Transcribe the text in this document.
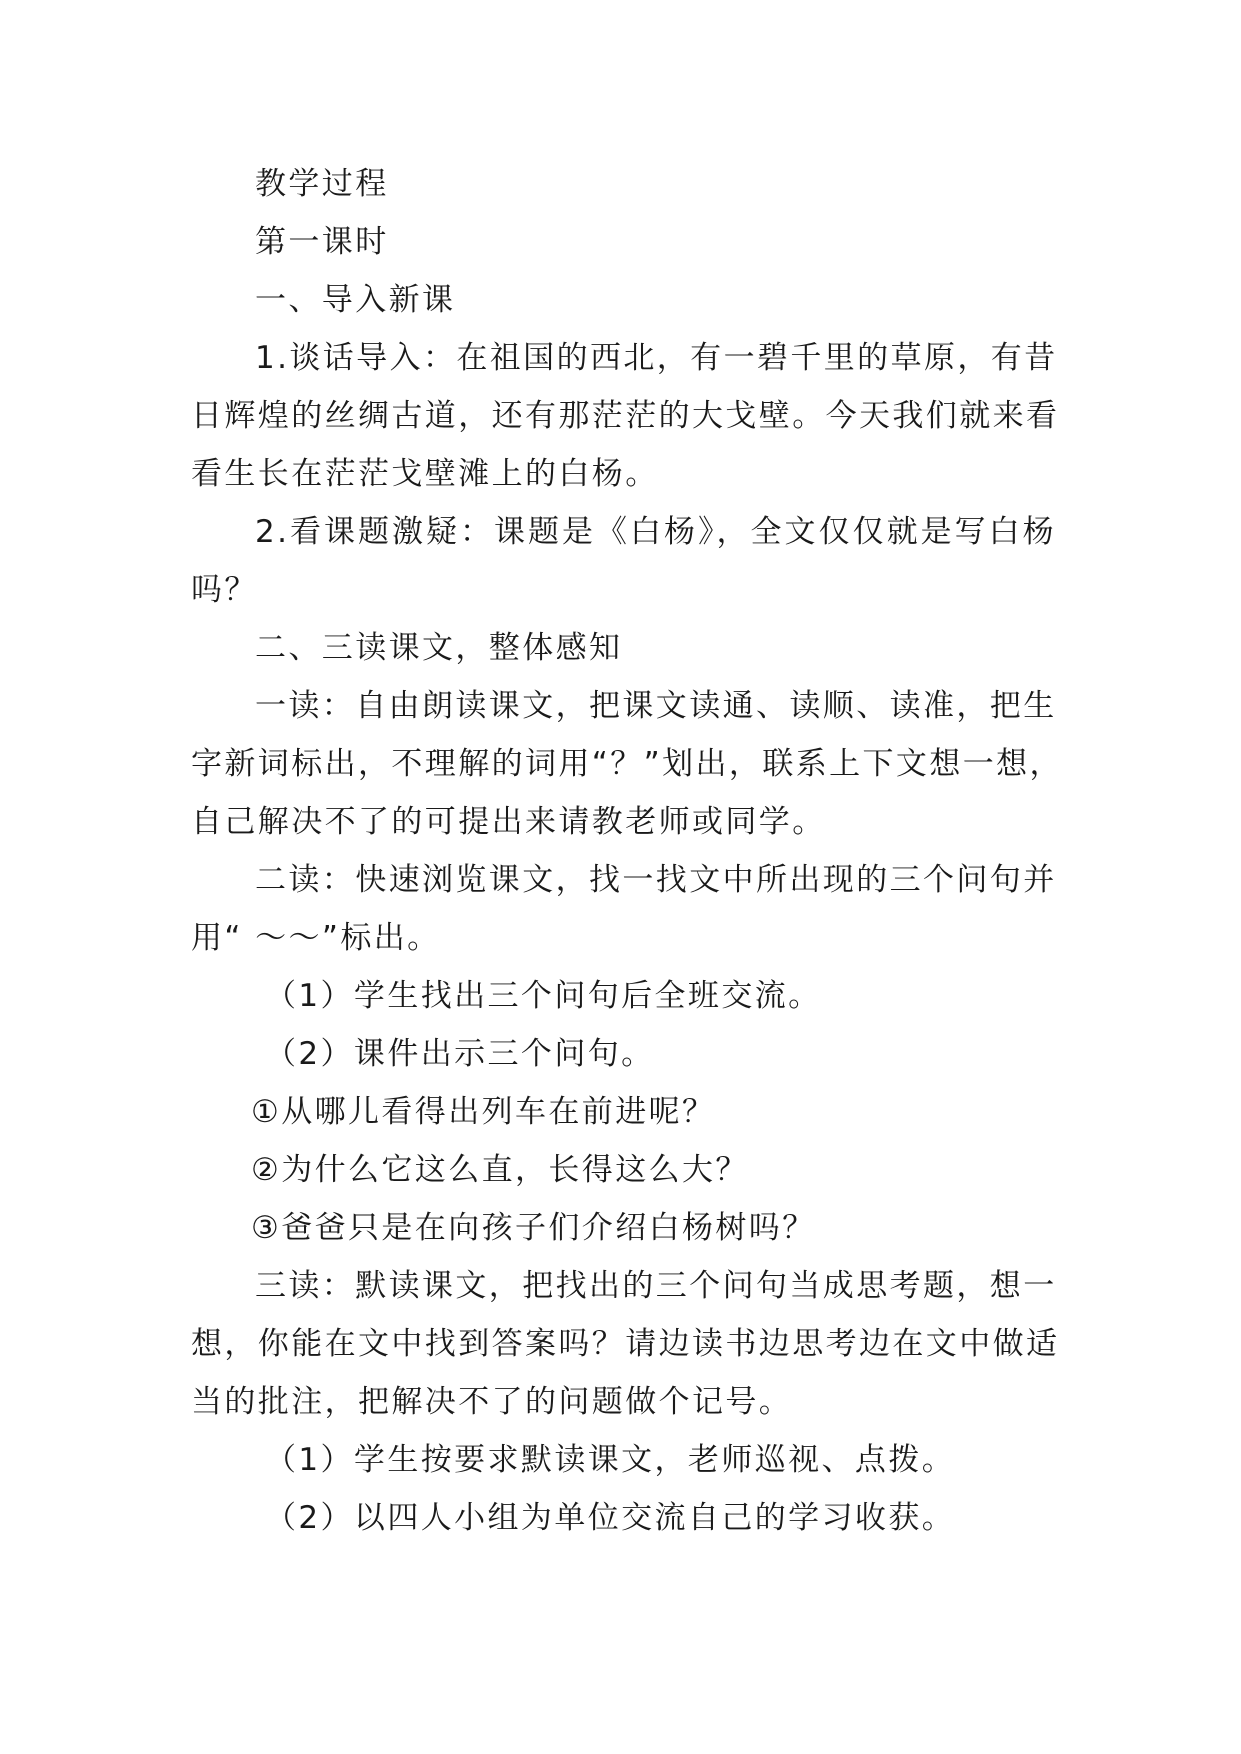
教学过程
第一课时
一、导入新课
1.谈话导入：在祖国的西北，有一碧千里的草原，有昔
日辉煌的丝绸古道，还有那茫茫的大戈壁。今天我们就来看
看生长在茫茫戈壁滩上的白杨。
2.看课题激疑：课题是《白杨》，全文仅仅就是写白杨
吗？
二、三读课文，整体感知
一读：自由朗读课文，把课文读通、读顺、读准，把生
字新词标出，不理解的词用“？”划出，联系上下文想一想，
自己解决不了的可提出来请教老师或同学。
二读：快速浏览课文，找一找文中所出现的三个问句并
用“ ～～”标出。
（1）学生找出三个问句后全班交流。
（2）课件出示三个问句。
①从哪儿看得出列车在前进呢？
②为什么它这么直，长得这么大？
③爸爸只是在向孩子们介绍白杨树吗？
三读：默读课文，把找出的三个问句当成思考题，想一
想，你能在文中找到答案吗？请边读书边思考边在文中做适
当的批注，把解决不了的问题做个记号。
（1）学生按要求默读课文，老师巡视、点拨。
（2）以四人小组为单位交流自己的学习收获。
